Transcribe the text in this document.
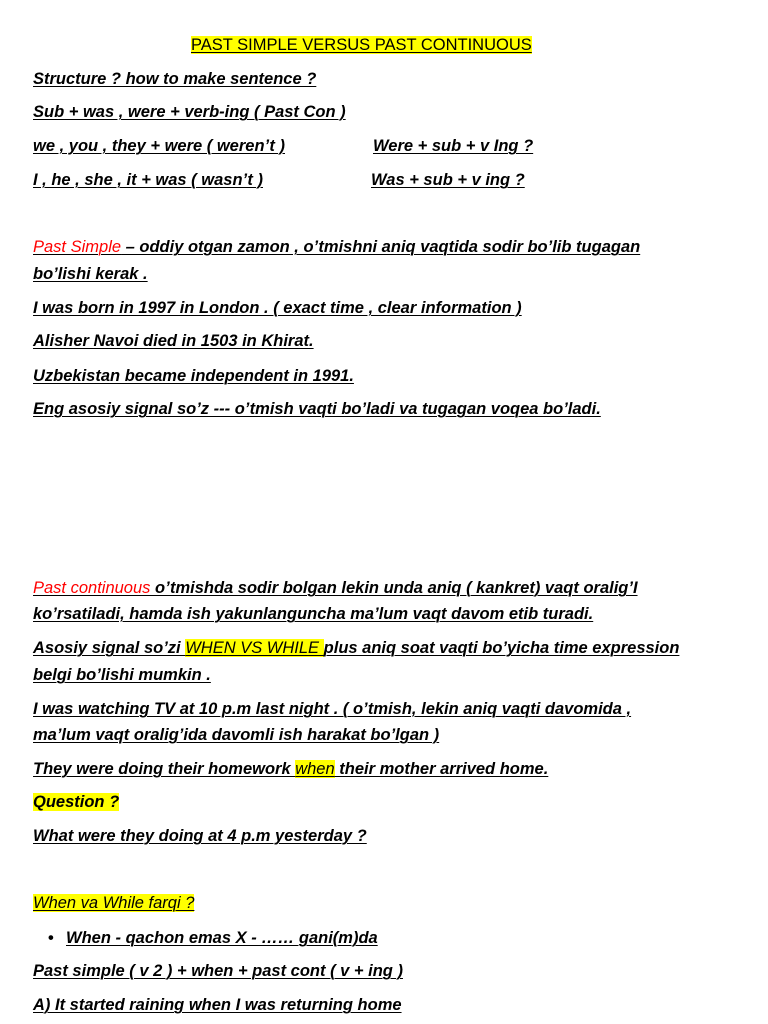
PAST SIMPLE VERSUS PAST CONTINUOUS
Structure ? how to make sentence ?
Sub + was , were + verb-ing ( Past Con )
we , you , they + were ( weren’t )	Were + sub + v Ing ?
I , he , she , it + was ( wasn’t )	Was + sub + v ing ?
Past Simple – oddiy otgan zamon , o’tmishni aniq vaqtida sodir bo’lib tugagan
bo’lishi kerak .
I was born in 1997 in London . ( exact time , clear information )
Alisher Navoi died in 1503 in Khirat.
Uzbekistan became independent in 1991.
Eng asosiy signal so’z --- o’tmish vaqti bo’ladi va tugagan voqea bo’ladi.
Past continuous o’tmishda sodir bolgan lekin unda aniq ( kankret) vaqt oralig’I
ko’rsatiladi, hamda ish yakunlanguncha ma’lum vaqt davom etib turadi.
Asosiy signal so’zi WHEN VS WHILE plus aniq soat vaqti bo’yicha time expression
belgi bo’lishi mumkin .
I was watching TV at 10 p.m last night . ( o’tmish, lekin aniq vaqti davomida ,
ma’lum vaqt oralig’ida davomli ish harakat bo’lgan )
They were doing their homework when their mother arrived home.
Question ?
What were they doing at 4 p.m yesterday ?
When va While farqi ?
• When - qachon emas X - …… gani(m)da
Past simple ( v 2 ) + when + past cont ( v + ing )
A) It started raining when I was returning home
